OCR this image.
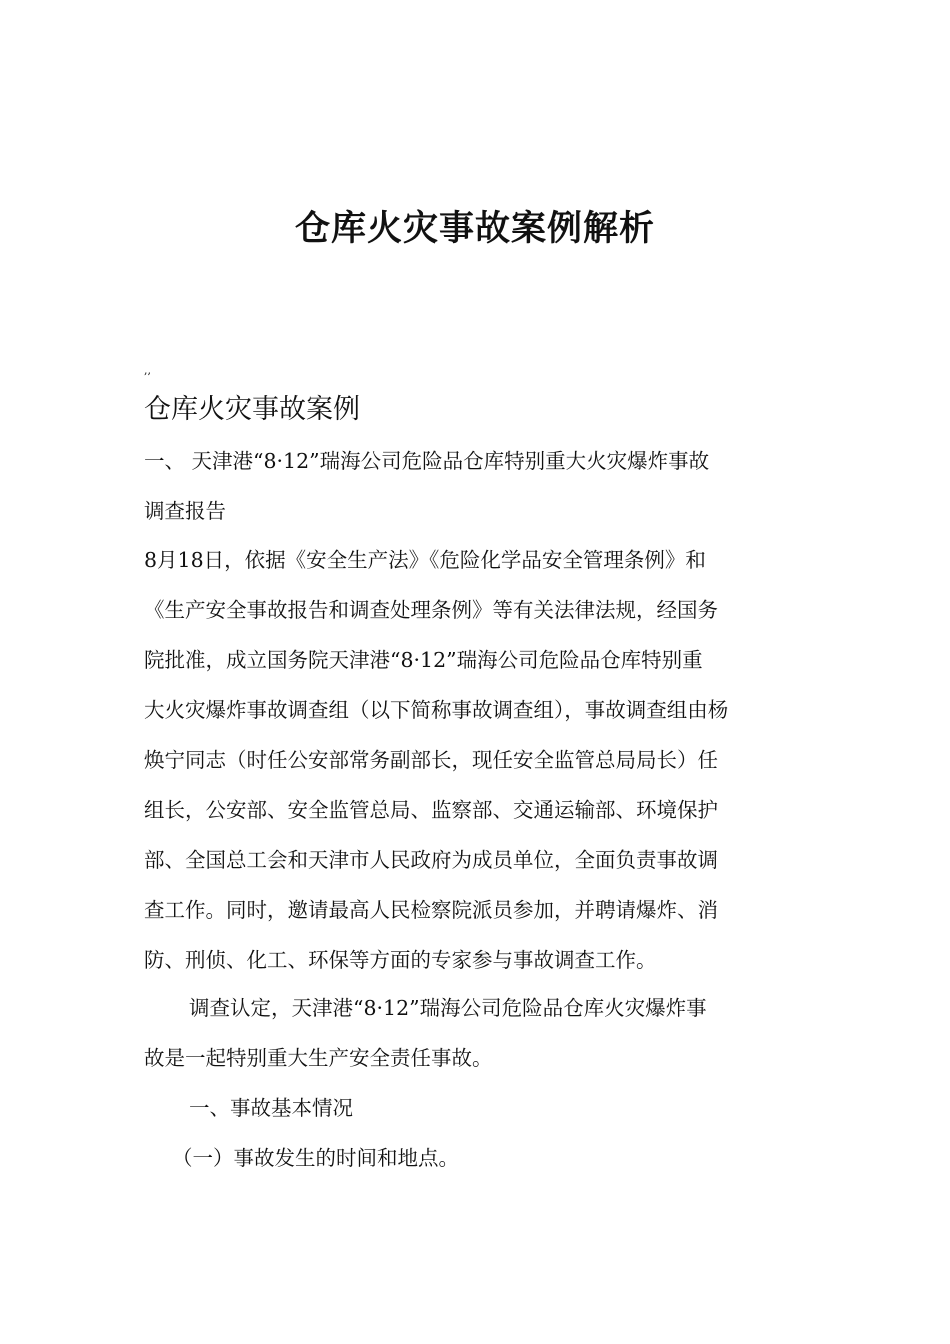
仓库火灾事故案例解析
,,
仓库火灾事故案例

一、 天津港“8·12”瑞海公司危险品仓库特别重大火灾爆炸事故

调查报告

8月18日，依据《安全生产法》《危险化学品安全管理条例》和

《生产安全事故报告和调查处理条例》等有关法律法规，经国务

院批准，成立国务院天津港“8·12”瑞海公司危险品仓库特别重

大火灾爆炸事故调查组（以下简称事故调查组），事故调查组由杨

焕宁同志（时任公安部常务副部长，现任安全监管总局局长）任

组长，公安部、安全监管总局、监察部、交通运输部、环境保护

部、全国总工会和天津市人民政府为成员单位，全面负责事故调

查工作。同时，邀请最高人民检察院派员参加，并聘请爆炸、消

防、刑侦、化工、环保等方面的专家参与事故调查工作。

调查认定，天津港“8·12”瑞海公司危险品仓库火灾爆炸事

故是一起特别重大生产安全责任事故。

一、事故基本情况

（一）事故发生的时间和地点。
